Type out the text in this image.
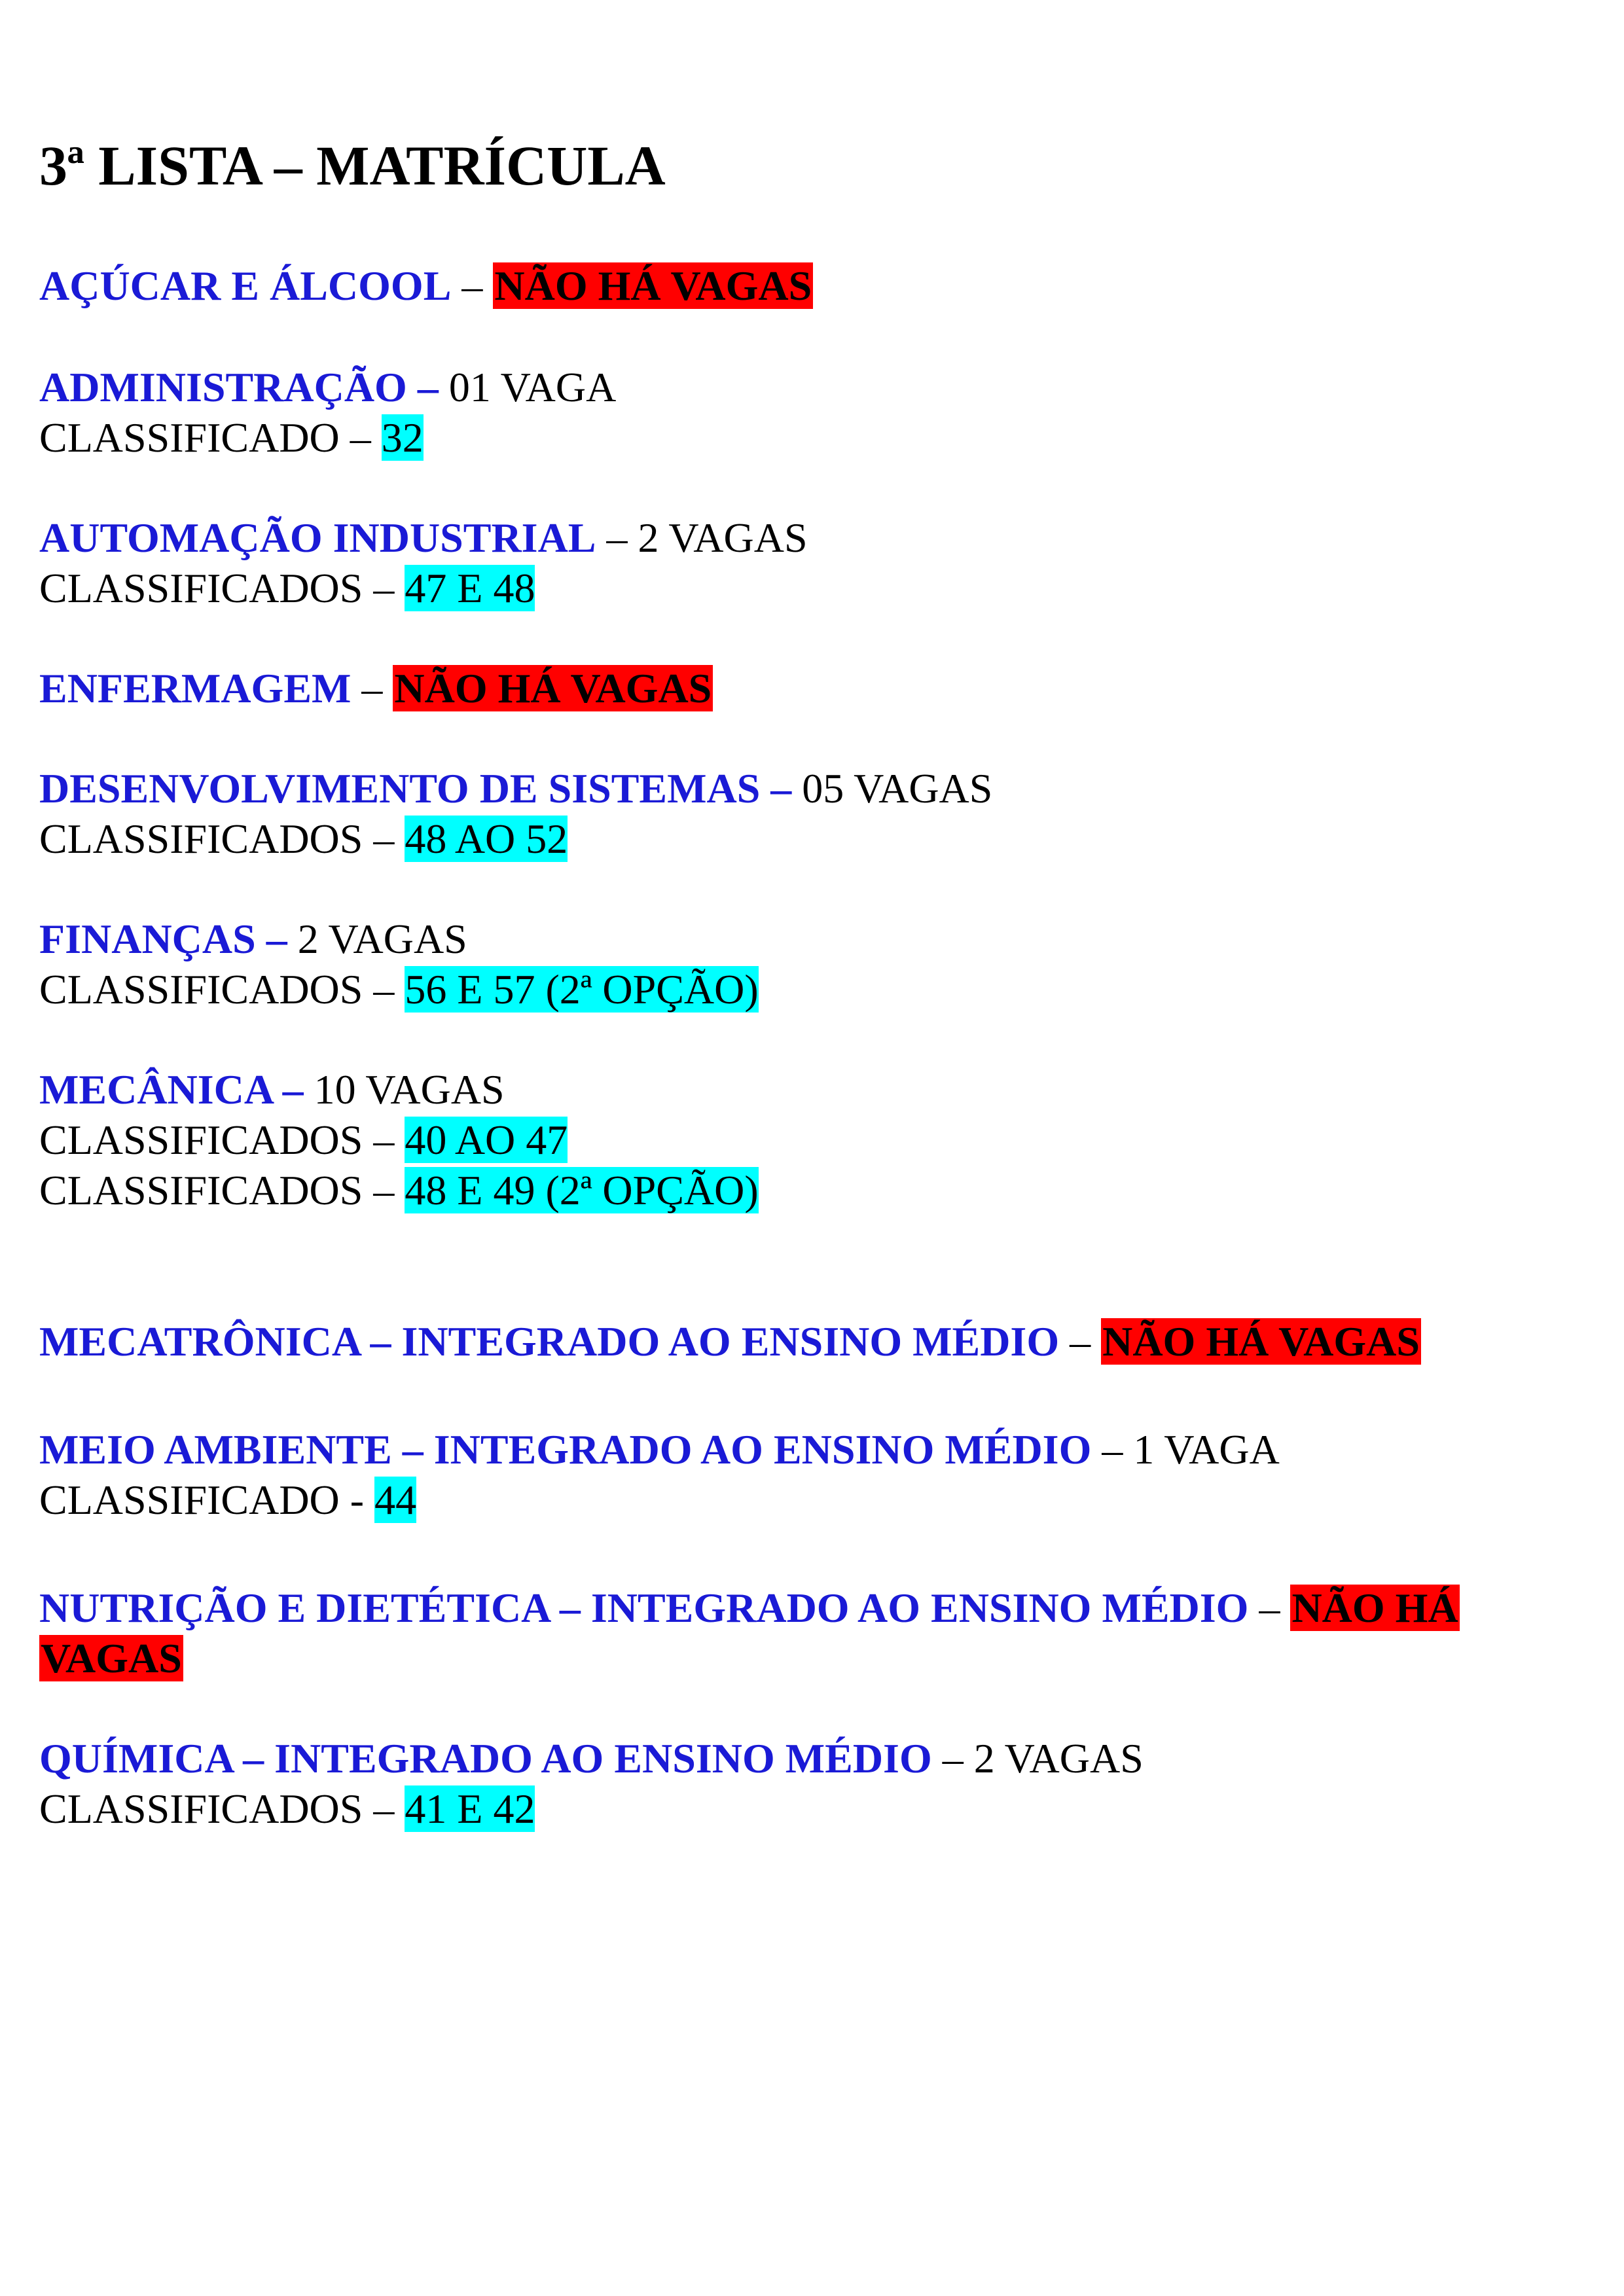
3ª LISTA – MATRÍCULA

AÇÚCAR E ÁLCOOL – NÃO HÁ VAGAS

ADMINISTRAÇÃO – 01 VAGA

CLASSIFICADO – 32

AUTOMAÇÃO INDUSTRIAL – 2 VAGAS

CLASSIFICADOS – 47 E 48

ENFERMAGEM – NÃO HÁ VAGAS

DESENVOLVIMENTO DE SISTEMAS – 05 VAGAS

CLASSIFICADOS – 48 AO 52

FINANÇAS – 2 VAGAS

CLASSIFICADOS – 56 E 57 (2ª OPÇÃO)

MECÂNICA – 10 VAGAS

CLASSIFICADOS – 40 AO 47

CLASSIFICADOS – 48 E 49 (2ª OPÇÃO)

MECATRÔNICA – INTEGRADO AO ENSINO MÉDIO – NÃO HÁ VAGAS

MEIO AMBIENTE – INTEGRADO AO ENSINO MÉDIO – 1 VAGA

CLASSIFICADO - 44

NUTRIÇÃO E DIETÉTICA – INTEGRADO AO ENSINO MÉDIO – NÃO HÁ

VAGAS

QUÍMICA – INTEGRADO AO ENSINO MÉDIO – 2 VAGAS

CLASSIFICADOS – 41 E 42
